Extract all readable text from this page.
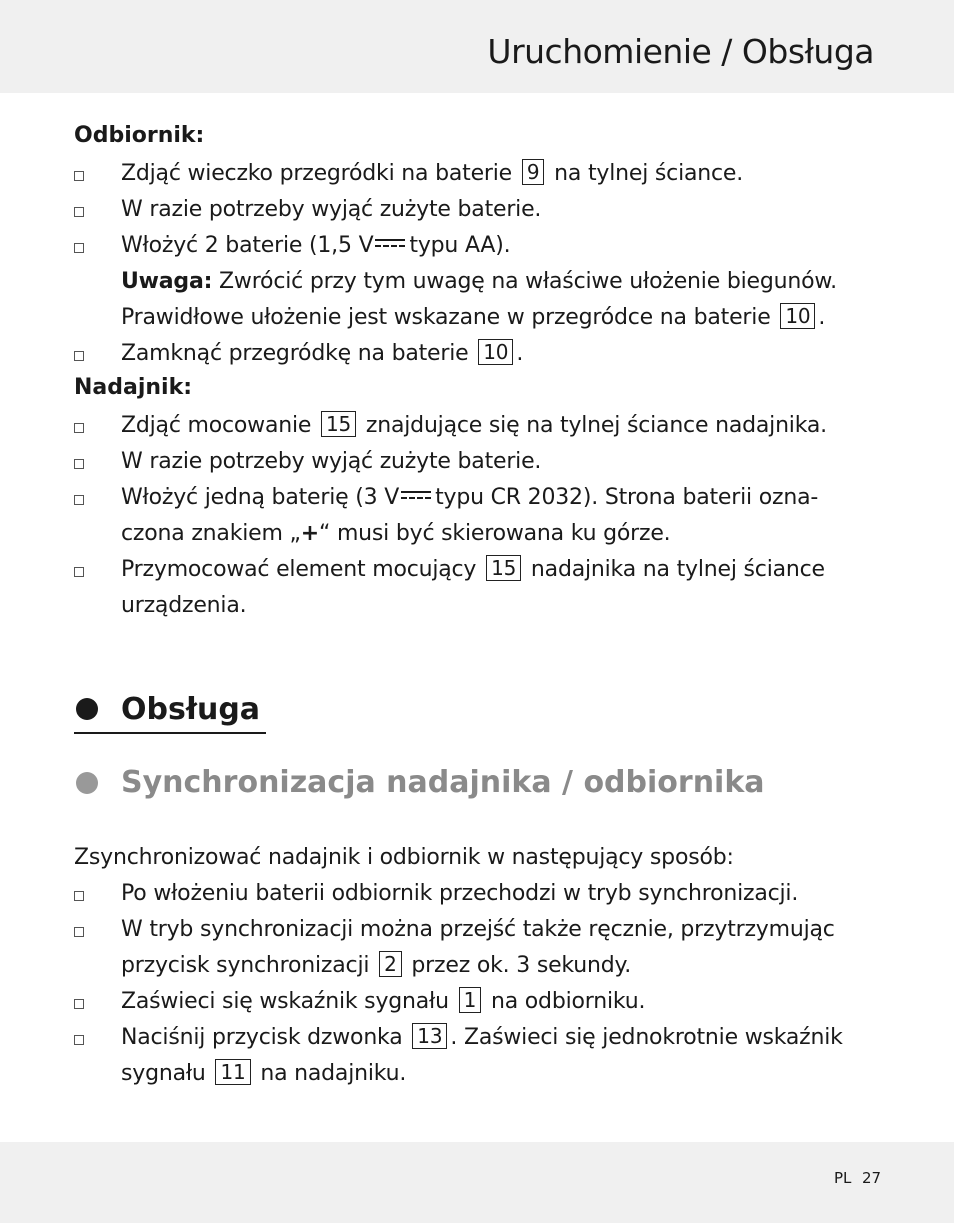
Uruchomienie / Obsługa
Odbiornik:
Zdjąć wieczko przegródki na baterie 9 na tylnej ściance.
W razie potrzeby wyjąć zużyte baterie.
Włożyć 2 baterie (1,5 V typu AA).
Uwaga: Zwrócić przy tym uwagę na właściwe ułożenie biegunów.
Prawidłowe ułożenie jest wskazane w przegródce na baterie 10 .
Zamknąć przegródkę na baterie 10 .
Nadajnik:
Zdjąć mocowanie 15 znajdujące się na tylnej ściance nadajnika.
W razie potrzeby wyjąć zużyte baterie.
Włożyć jedną baterię (3 V typu CR 2032). Strona baterii ozna-
czona znakiem „+“ musi być skierowana ku górze.
Przymocować element mocujący 15 nadajnika na tylnej ściance
urządzenia.
Obsługa
Synchronizacja nadajnika / odbiornika
Zsynchronizować nadajnik i odbiornik w następujący sposób:
Po włożeniu baterii odbiornik przechodzi w tryb synchronizacji.
W tryb synchronizacji można przejść także ręcznie, przytrzymując
przycisk synchronizacji 2 przez ok. 3 sekundy.
Zaświeci się wskaźnik sygnału 1 na odbiorniku.
Naciśnij przycisk dzwonka 13 . Zaświeci się jednokrotnie wskaźnik
sygnału 11 na nadajniku.
PL 27
